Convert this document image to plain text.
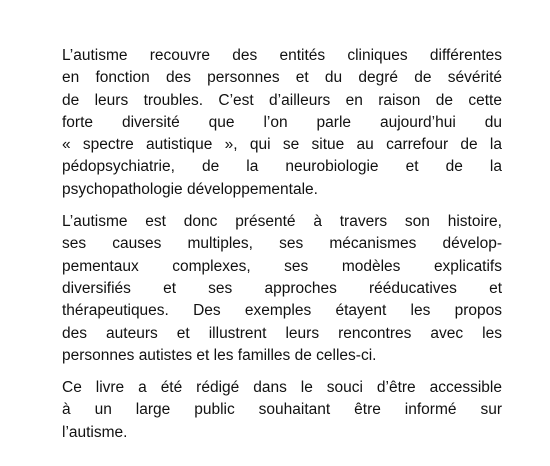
L’autisme recouvre des entités cliniques différentes
en fonction des personnes et du degré de sévérité
de leurs troubles. C’est d’ailleurs en raison de cette
forte diversité que l’on parle aujourd’hui du
« spectre autistique », qui se situe au carrefour de la
pédopsychiatrie, de la neurobiologie et de la
psychopathologie développementale.

L’autisme est donc présenté à travers son histoire,
ses causes multiples, ses mécanismes dévelop-
pementaux complexes, ses modèles explicatifs
diversifiés et ses approches rééducatives et
thérapeutiques. Des exemples étayent les propos
des auteurs et illustrent leurs rencontres avec les
personnes autistes et les familles de celles-ci.

Ce livre a été rédigé dans le souci d’être accessible
à un large public souhaitant être informé sur
l’autisme.
